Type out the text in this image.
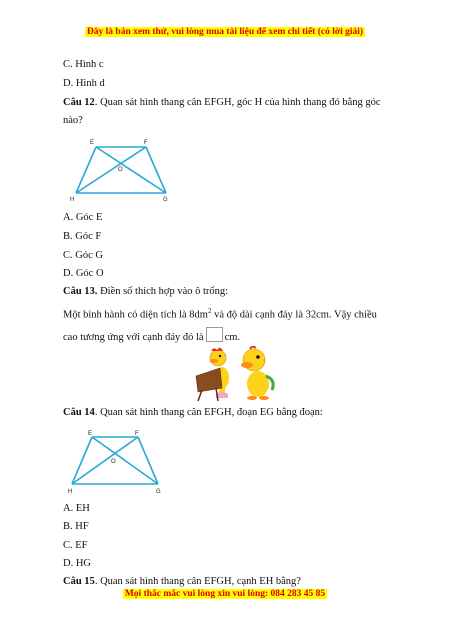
Đây là bản xem thử, vui lòng mua tài liệu để xem chi tiết (có lời giải)
C. Hình c
D. Hình d
Câu 12. Quan sát hình thang cân EFGH, góc H của hình thang đó bằng góc
nào?
E	F
O
H	G
A. Góc E
B. Góc F
C. Góc G
D. Góc O
Câu 13. Điền số thích hợp vào ô trống:
Một bình hành có diện tích là $8dm^2$ và độ dài cạnh đáy là 32cm. Vậy chiều
cao tương ứng với cạnh đáy đó là cm.
Câu 14. Quan sát hình thang cân EFGH, đoạn EG bằng đoạn:
E	F
O
H	G
A. EH
B. HF
C. EF
D. HG
Câu 15. Quan sát hình thang cân EFGH, cạnh EH bằng?
Mọi thắc mắc vui lòng xin vui lòng: 084 283 45 85
